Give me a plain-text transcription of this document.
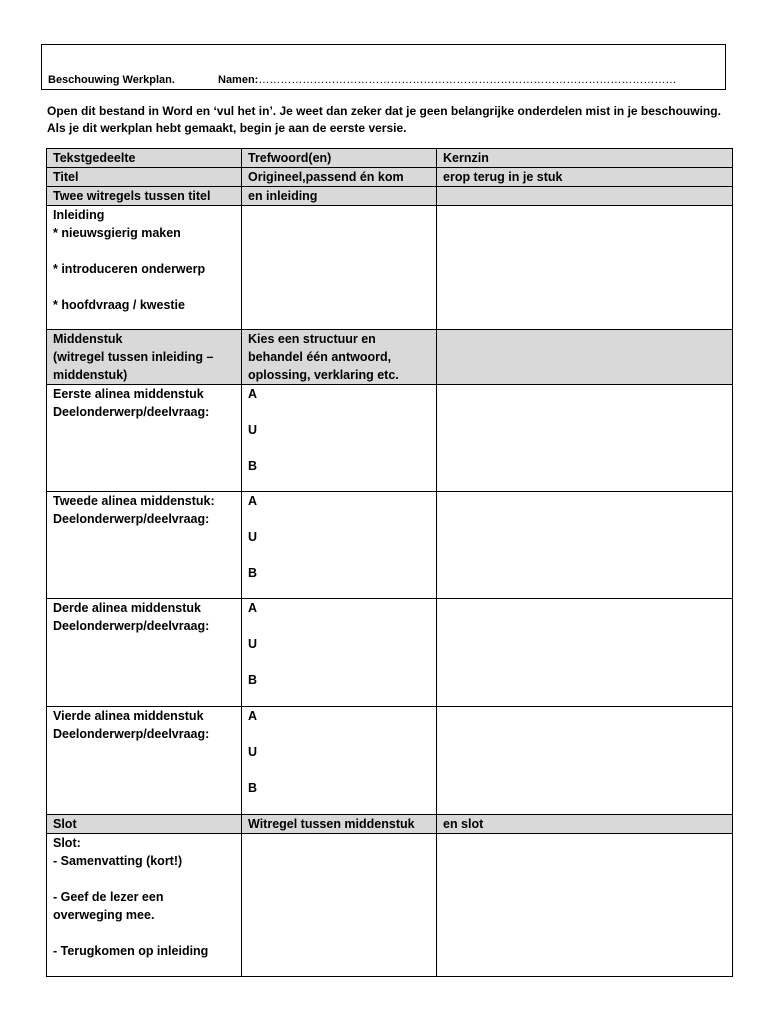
Beschouwing Werkplan.	Namen:……………………………………………………………………………………………………
Open dit bestand in Word en ‘vul het in’. Je weet dan zeker dat je geen belangrijke onderdelen mist in je beschouwing. Als je dit werkplan hebt gemaakt, begin je aan de eerste versie.
Tekstgedeelte	Trefwoord(en)	Kernzin
Titel	Origineel,passend én kom	erop terug in je stuk
Twee witregels tussen titel	en inleiding	

Inleiding
* nieuwsgierig maken
* introduceren onderwerp
* hoofdvraag / kwestie		

Middenstuk
(witregel tussen inleiding –
middenstuk)	Kies een structuur en
behandel één antwoord,
oplossing, verklaring etc.	

Eerste alinea middenstuk
Deelonderwerp/deelvraag:	A
U
B	

Tweede alinea middenstuk:
Deelonderwerp/deelvraag:	A
U
B	

Derde alinea middenstuk
Deelonderwerp/deelvraag:	A
U
B	

Vierde alinea middenstuk
Deelonderwerp/deelvraag:	A
U
B	

Slot	Witregel tussen middenstuk	en slot

Slot:
- Samenvatting (kort!)
- Geef de lezer een
overweging mee.
- Terugkomen op inleiding		
